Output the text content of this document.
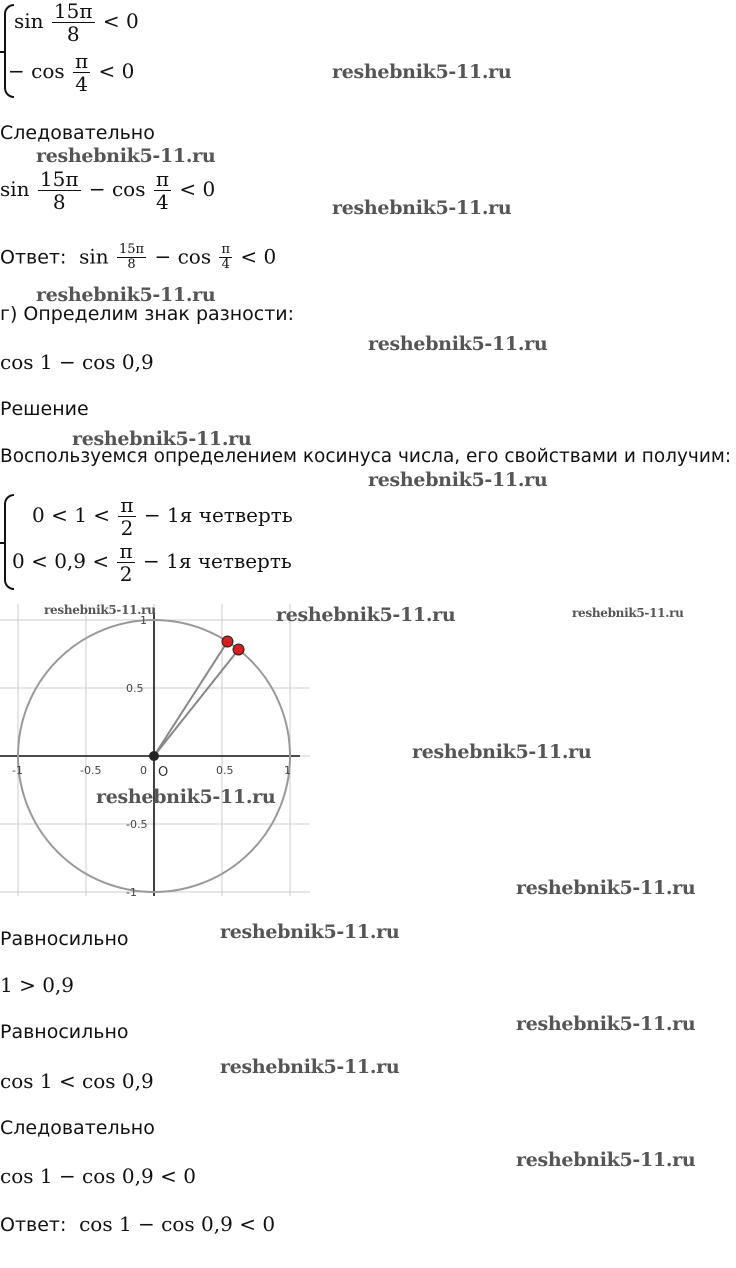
$\sin \frac{15\pi}{8} < 0$
− $\cos \frac{\pi}{4} < 0$	reshebnik5-11.ru
Следовательно
reshebnik5-11.ru
$\sin \frac{15\pi}{8} - \cos \frac{\pi}{4} < 0$
reshebnik5-11.ru
Ответ: $\sin \frac{15\pi}{8} - \cos \frac{\pi}{4} < 0$
reshebnik5-11.ru
г) Определим знак разности:
reshebnik5-11.ru
cos 1 − cos 0,9
Решение
reshebnik5-11.ru
Воспользуемся определением косинуса числа, его свойствами и получим:
reshebnik5-11.ru
$0 < 1 < \frac{\pi}{2} - 1я$ четверть
$0 < 0,9 < \frac{\pi}{2} - 1я$ четверть
-1	-0.5	0	0.5	1
1
0.5
-0.5
-1
O
reshebnik5-11.ru	reshebnik5-11.ru	reshebnik5-11.ru
reshebnik5-11.ru
reshebnik5-11.ru
reshebnik5-11.ru
Равносильно	reshebnik5-11.ru
1 > 0,9
Равносильно	reshebnik5-11.ru
reshebnik5-11.ru
cos 1 < cos 0,9
Следовательно
reshebnik5-11.ru
cos 1 − cos 0,9 < 0
Ответ: cos 1 − cos 0,9 < 0
